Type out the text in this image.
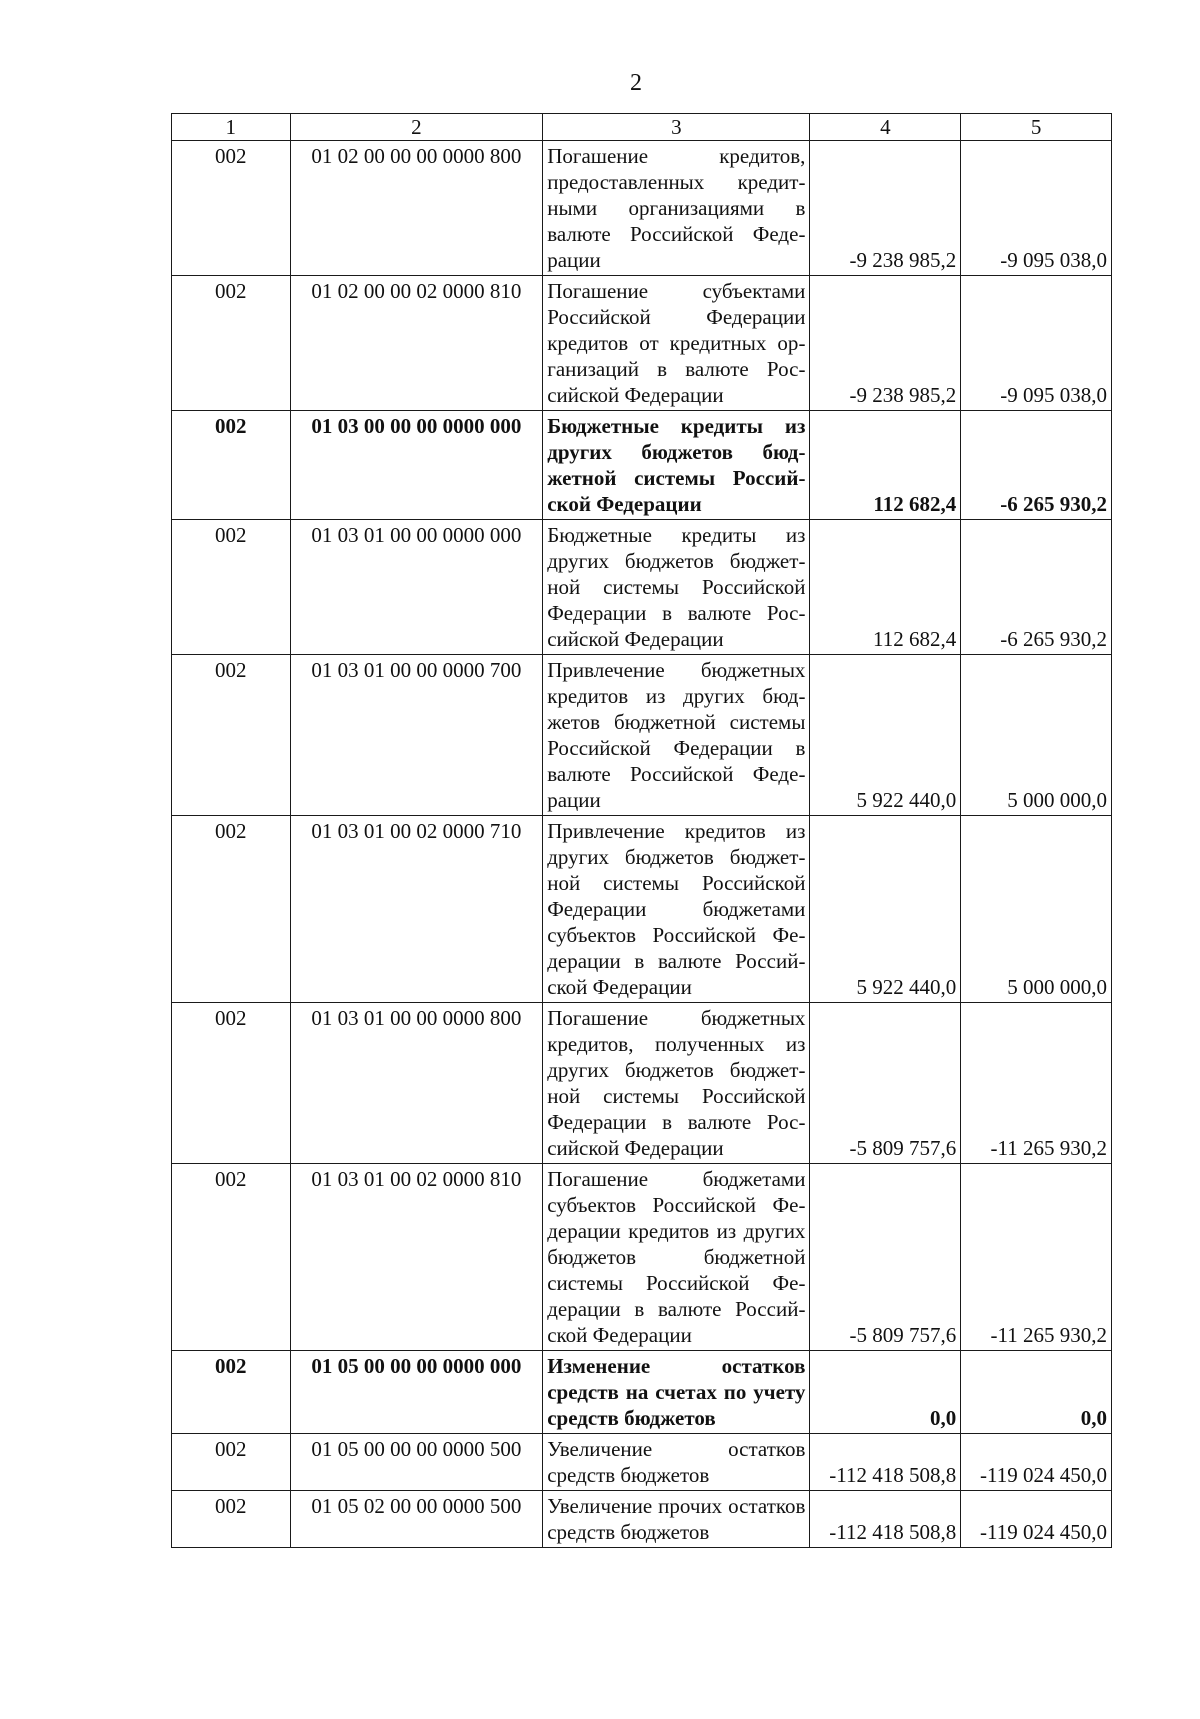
2
1	2	3	4	5
002	01 02 00 00 00 0000 800	Погашение кредитов, предоставленных кредитными организациями в валюте Российской Федерации	-9 238 985,2	-9 095 038,0
002	01 02 00 00 02 0000 810	Погашение субъектами Российской Федерации кредитов от кредитных организаций в валюте Российской Федерации	-9 238 985,2	-9 095 038,0
002	01 03 00 00 00 0000 000	Бюджетные кредиты из других бюджетов бюджетной системы Российской Федерации	112 682,4	-6 265 930,2
002	01 03 01 00 00 0000 000	Бюджетные кредиты из других бюджетов бюджетной системы Российской Федерации в валюте Российской Федерации	112 682,4	-6 265 930,2
002	01 03 01 00 00 0000 700	Привлечение бюджетных кредитов из других бюджетов бюджетной системы Российской Федерации в валюте Российской Федерации	5 922 440,0	5 000 000,0
002	01 03 01 00 02 0000 710	Привлечение кредитов из других бюджетов бюджетной системы Российской Федерации бюджетами субъектов Российской Федерации в валюте Российской Федерации	5 922 440,0	5 000 000,0
002	01 03 01 00 00 0000 800	Погашение бюджетных кредитов, полученных из других бюджетов бюджетной системы Российской Федерации в валюте Российской Федерации	-5 809 757,6	-11 265 930,2
002	01 03 01 00 02 0000 810	Погашение бюджетами субъектов Российской Федерации кредитов из других бюджетов бюджетной системы Российской Федерации в валюте Российской Федерации	-5 809 757,6	-11 265 930,2
002	01 05 00 00 00 0000 000	Изменение остатков средств на счетах по учету средств бюджетов	0,0	0,0
002	01 05 00 00 00 0000 500	Увеличение остатков средств бюджетов	-112 418 508,8	-119 024 450,0
002	01 05 02 00 00 0000 500	Увеличение прочих остатков средств бюджетов	-112 418 508,8	-119 024 450,0
